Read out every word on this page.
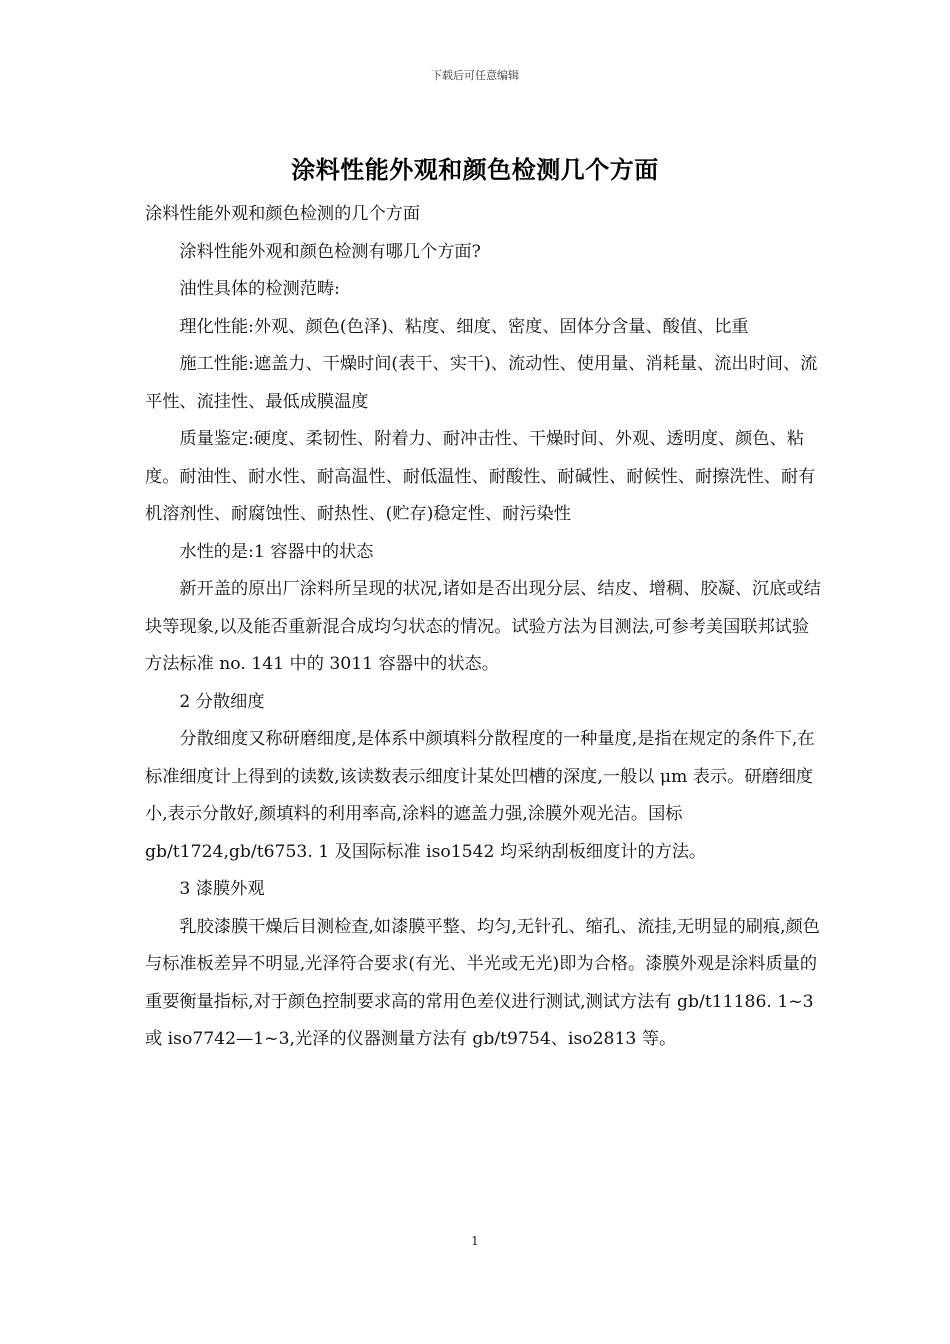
下载后可任意编辑
涂料性能外观和颜色检测几个方面

涂料性能外观和颜色检测的几个方面

涂料性能外观和颜色检测有哪几个方面?

油性具体的检测范畴:

理化性能:外观、颜色(色泽)、粘度、细度、密度、固体分含量、酸值、比重

施工性能:遮盖力、干燥时间(表干、实干)、流动性、使用量、消耗量、流出时间、流平性、流挂性、最低成膜温度

质量鉴定:硬度、柔韧性、附着力、耐冲击性、干燥时间、外观、透明度、颜色、粘度。耐油性、耐水性、耐高温性、耐低温性、耐酸性、耐碱性、耐候性、耐擦洗性、耐有机溶剂性、耐腐蚀性、耐热性、(贮存)稳定性、耐污染性

水性的是:1 容器中的状态

新开盖的原出厂涂料所呈现的状况,诸如是否出现分层、结皮、增稠、胶凝、沉底或结块等现象,以及能否重新混合成均匀状态的情况。试验方法为目测法,可参考美国联邦试验方法标准 no. 141 中的 3011 容器中的状态。

2 分散细度

分散细度又称研磨细度,是体系中颜填料分散程度的一种量度,是指在规定的条件下,在标准细度计上得到的读数,该读数表示细度计某处凹槽的深度,一般以 μm 表示。研磨细度小,表示分散好,颜填料的利用率高,涂料的遮盖力强,涂膜外观光洁。国标 gb/t1724,gb/t6753. 1 及国际标准 iso1542 均采纳刮板细度计的方法。

3 漆膜外观

乳胶漆膜干燥后目测检查,如漆膜平整、均匀,无针孔、缩孔、流挂,无明显的刷痕,颜色与标准板差异不明显,光泽符合要求(有光、半光或无光)即为合格。漆膜外观是涂料质量的重要衡量指标,对于颜色控制要求高的常用色差仪进行测试,测试方法有 gb/t11186. 1~3 或 iso7742—1~3,光泽的仪器测量方法有 gb/t9754、iso2813 等。

1
